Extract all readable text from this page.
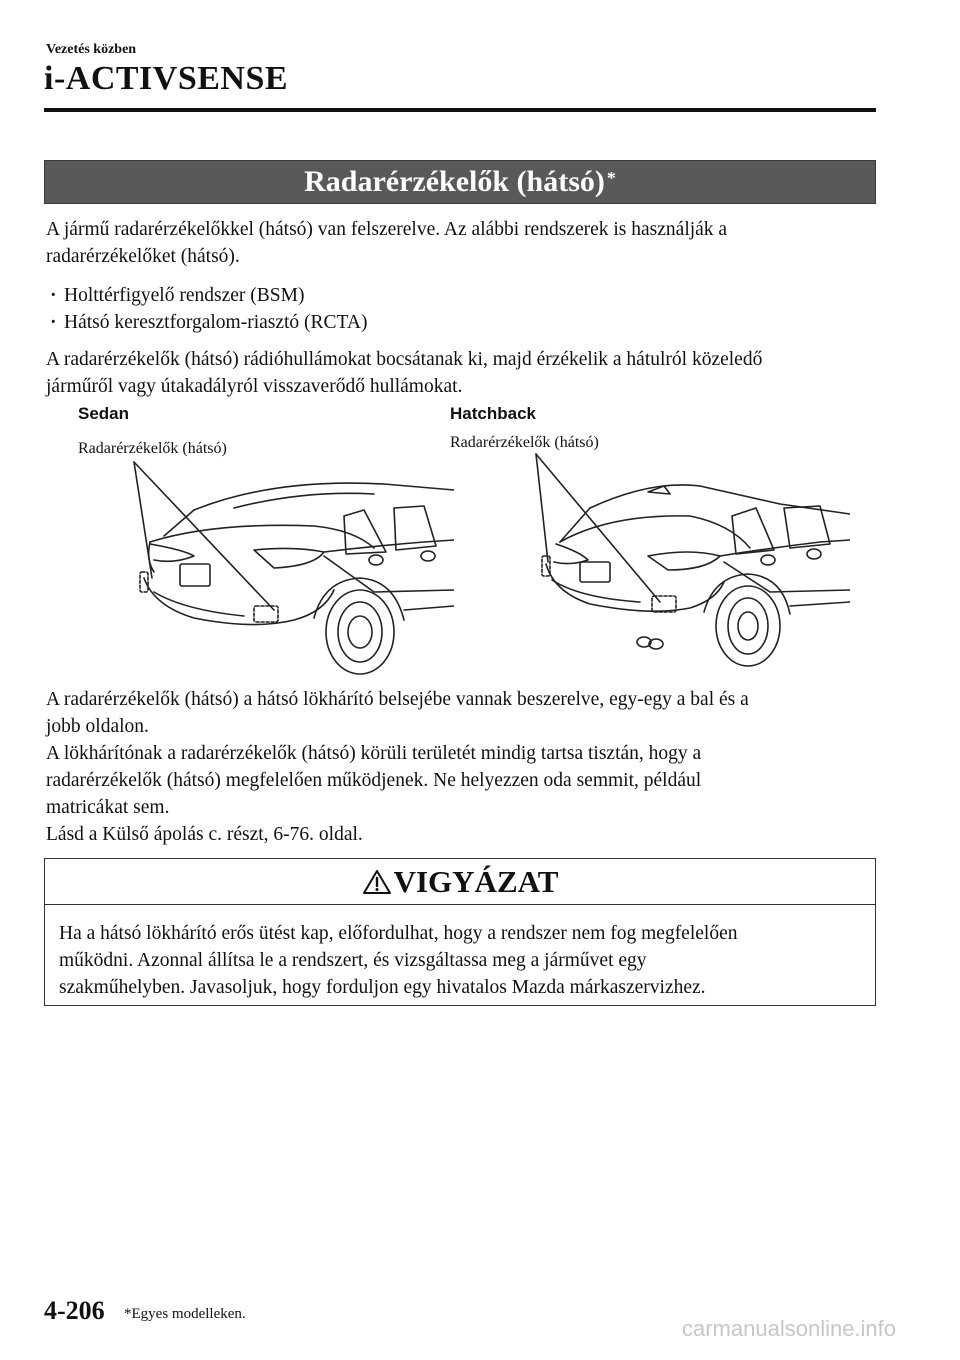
Vezetés közben
i-ACTIVSENSE
Radarérzékelők (hátsó)*
A jármű radarérzékelőkkel (hátsó) van felszerelve. Az alábbi rendszerek is használják a
radarérzékelőket (hátsó).
· Holttérfigyelő rendszer (BSM)
· Hátsó keresztforgalom-riasztó (RCTA)
A radarérzékelők (hátsó) rádióhullámokat bocsátanak ki, majd érzékelik a hátulról közeledő
járműről vagy útakadályról visszaverődő hullámokat.
Sedan
Radarérzékelők (hátsó)
Hatchback
Radarérzékelők (hátsó)
A radarérzékelők (hátsó) a hátsó lökhárító belsejébe vannak beszerelve, egy-egy a bal és a
jobb oldalon.
A lökhárítónak a radarérzékelők (hátsó) körüli területét mindig tartsa tisztán, hogy a
radarérzékelők (hátsó) megfelelően működjenek. Ne helyezzen oda semmit, például
matricákat sem.
Lásd a Külső ápolás c. részt, 6-76. oldal.
VIGYÁZAT
Ha a hátsó lökhárító erős ütést kap, előfordulhat, hogy a rendszer nem fog megfelelően
működni. Azonnal állítsa le a rendszert, és vizsgáltassa meg a járművet egy
szakműhelyben. Javasoljuk, hogy forduljon egy hivatalos Mazda márkaszervizhez.
4-206 *Egyes modelleken.
carmanualsonline.info
